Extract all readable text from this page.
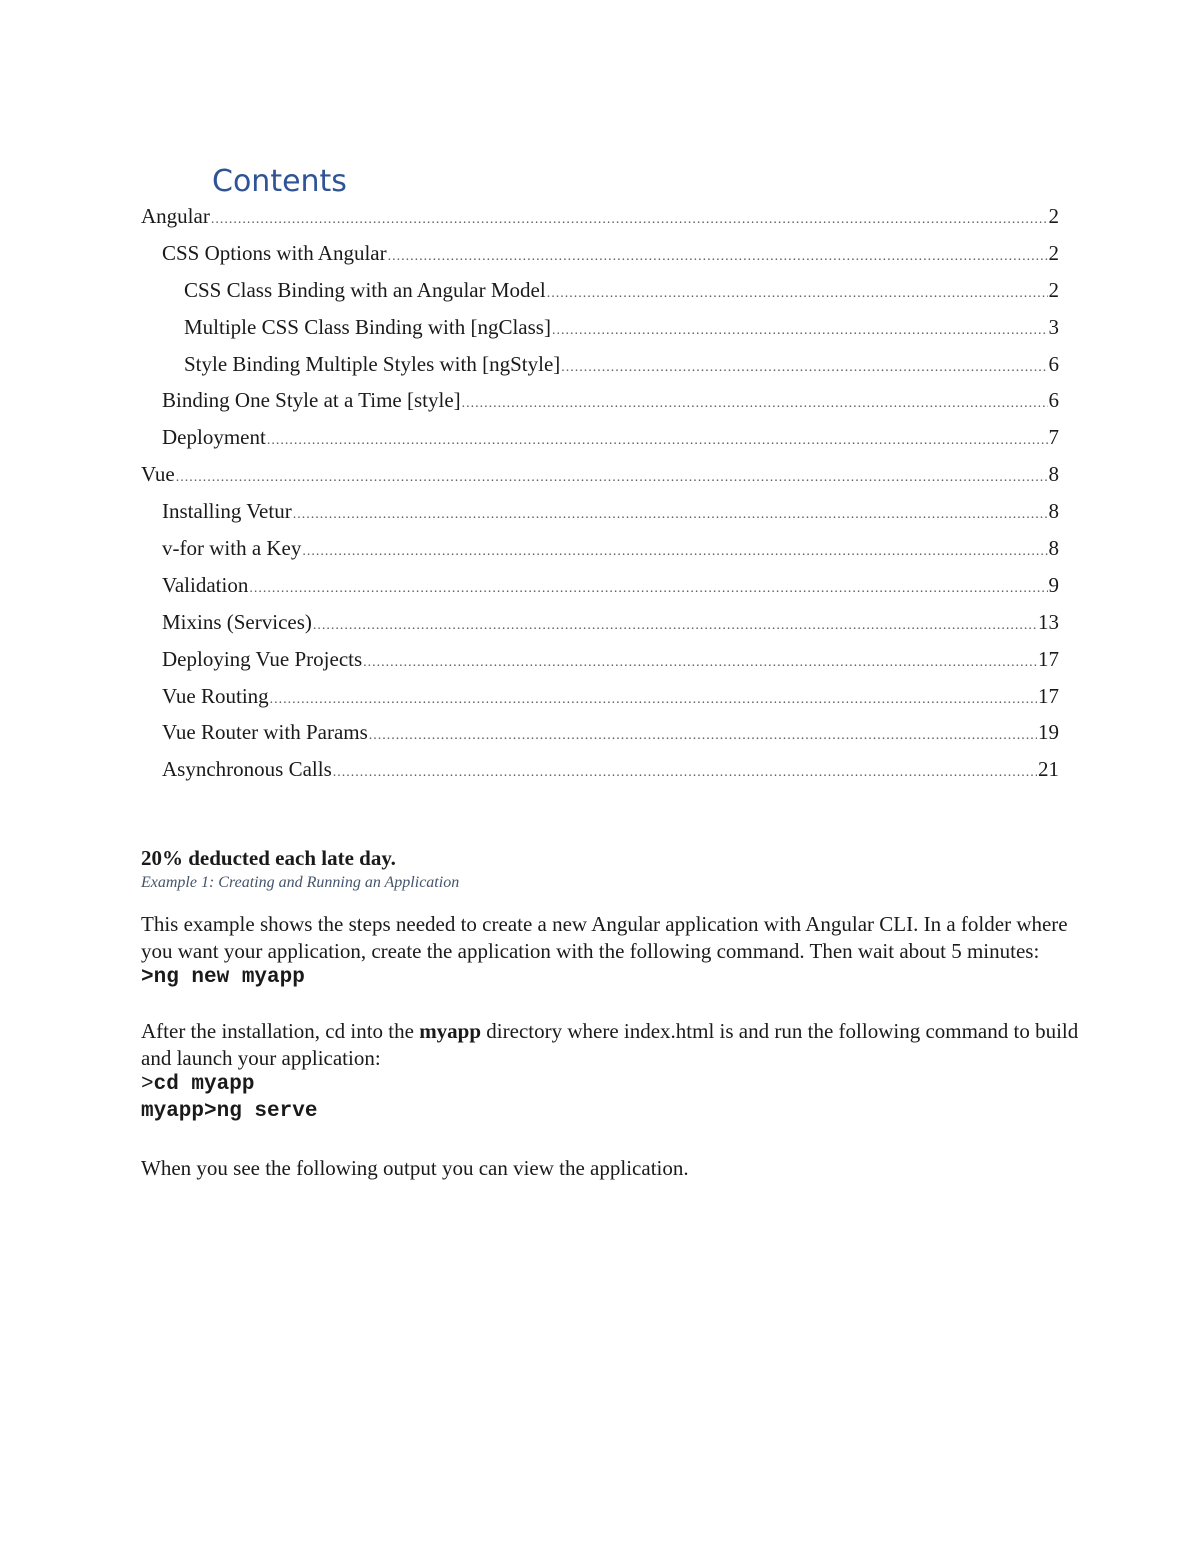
Contents
Angular .....	2
CSS Options with Angular .....	2
CSS Class Binding with an Angular Model .....	2
Multiple CSS Class Binding with [ngClass] .....	3
Style Binding Multiple Styles with [ngStyle] .....	6
Binding One Style at a Time [style] .....	6
Deployment .....	7
Vue .....	8
Installing Vetur .....	8
v-for with a Key .....	8
Validation .....	9
Mixins (Services) .....	13
Deploying Vue Projects .....	17
Vue Routing .....	17
Vue Router with Params .....	19
Asynchronous Calls .....	21

20% deducted each late day.

Example 1: Creating and Running an Application

This example shows the steps needed to create a new Angular application with Angular CLI. In a folder where you want your application, create the application with the following command. Then wait about 5 minutes:

>ng new myapp

After the installation, cd into the myapp directory where index.html is and run the following command to build and launch your application:

>cd myapp

myapp>ng serve

When you see the following output you can view the application.
